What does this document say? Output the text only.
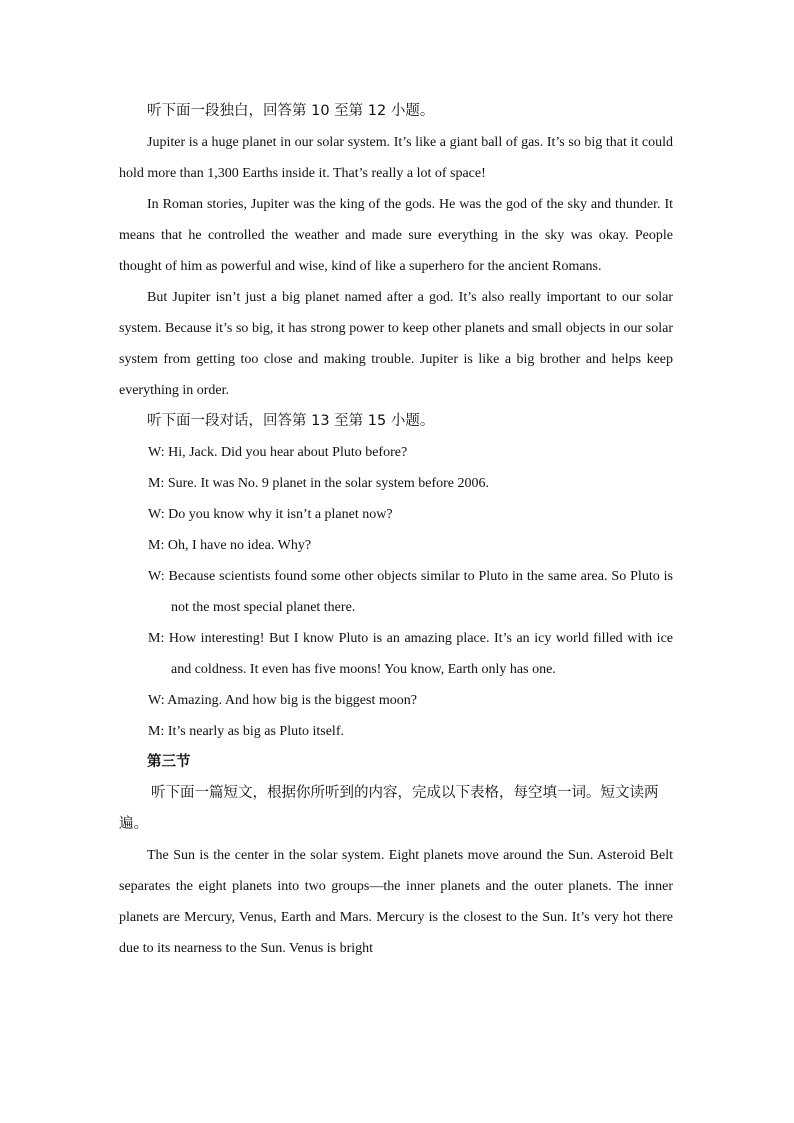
听下面一段独白，回答第 10 至第 12 小题。

Jupiter is a huge planet in our solar system. It’s like a giant ball of gas. It’s so big that it could hold more than 1,300 Earths inside it. That’s really a lot of space!

In Roman stories, Jupiter was the king of the gods. He was the god of the sky and thunder. It means that he controlled the weather and made sure everything in the sky was okay. People thought of him as powerful and wise, kind of like a superhero for the ancient Romans.

But Jupiter isn’t just a big planet named after a god. It’s also really important to our solar system. Because it’s so big, it has strong power to keep other planets and small objects in our solar system from getting too close and making trouble. Jupiter is like a big brother and helps keep everything in order.

听下面一段对话，回答第 13 至第 15 小题。

W: Hi, Jack. Did you hear about Pluto before?

M: Sure. It was No. 9 planet in the solar system before 2006.

W: Do you know why it isn’t a planet now?

M: Oh, I have no idea. Why?

W: Because scientists found some other objects similar to Pluto in the same area. So Pluto is not the most special planet there.

M: How interesting! But I know Pluto is an amazing place. It’s an icy world filled with ice and coldness. It even has five moons! You know, Earth only has one.

W: Amazing. And how big is the biggest moon?

M: It’s nearly as big as Pluto itself.

第三节

听下面一篇短文，根据你所听到的内容，完成以下表格，每空填一词。短文读两遍。

The Sun is the center in the solar system. Eight planets move around the Sun. Asteroid Belt separates the eight planets into two groups—the inner planets and the outer planets. The inner planets are Mercury, Venus, Earth and Mars. Mercury is the closest to the Sun. It’s very hot there due to its nearness to the Sun. Venus is bright
